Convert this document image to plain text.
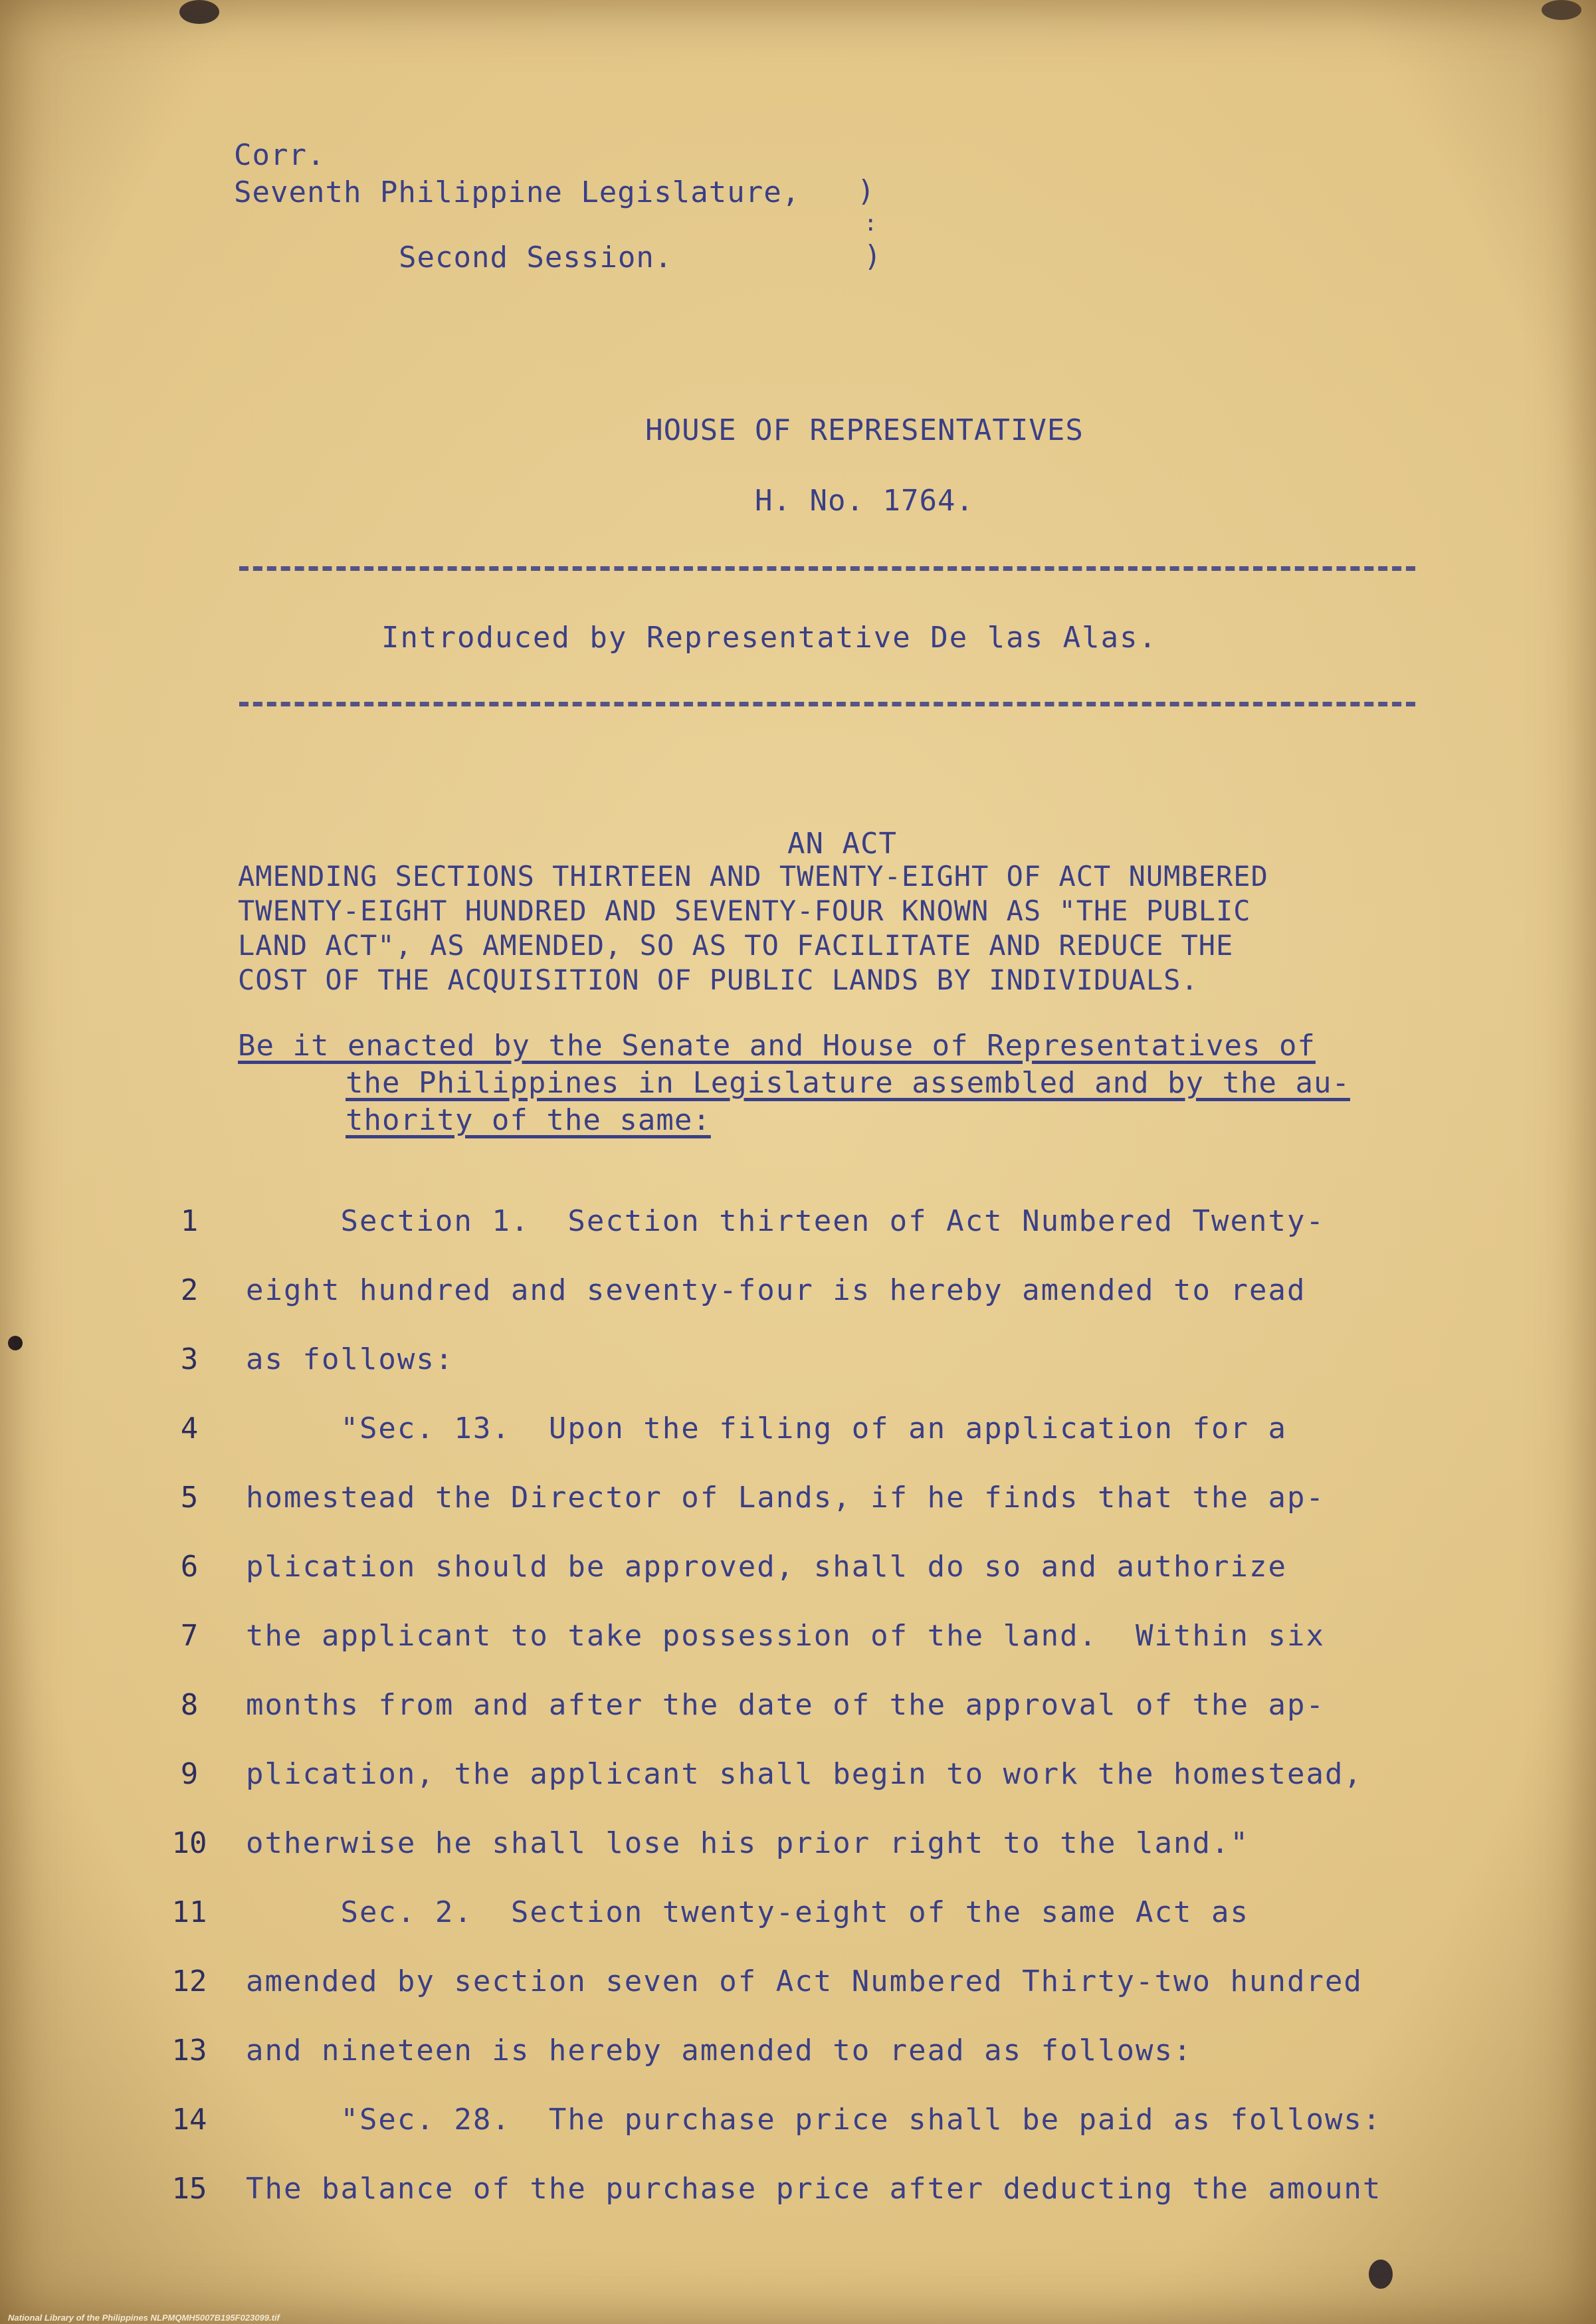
Corr.
Seventh Philippine Legislature, )
:
Second Session.	)
HOUSE OF REPRESENTATIVES
H. No. 1764.
Introduced by Representative De las Alas.
AN ACT
AMENDING SECTIONS THIRTEEN AND TWENTY-EIGHT OF ACT NUMBERED
TWENTY-EIGHT HUNDRED AND SEVENTY-FOUR KNOWN AS "THE PUBLIC
LAND ACT", AS AMENDED, SO AS TO FACILITATE AND REDUCE THE
COST OF THE ACQUISITION OF PUBLIC LANDS BY INDIVIDUALS.
Be it enacted by the Senate and House of Representatives of
the Philippines in Legislature assembled and by the au-
thority of the same:
1	Section 1.  Section thirteen of Act Numbered Twenty-
2	eight hundred and seventy-four is hereby amended to read
3	as follows:
4	"Sec. 13.  Upon the filing of an application for a
5	homestead the Director of Lands, if he finds that the ap-
6	plication should be approved, shall do so and authorize
7	the applicant to take possession of the land.  Within six
8	months from and after the date of the approval of the ap-
9	plication, the applicant shall begin to work the homestead,
10	otherwise he shall lose his prior right to the land."
11	Sec. 2.  Section twenty-eight of the same Act as
12	amended by section seven of Act Numbered Thirty-two hundred
13	and nineteen is hereby amended to read as follows:
14	"Sec. 28.  The purchase price shall be paid as follows:
15	The balance of the purchase price after deducting the amount
National Library of the Philippines NLPMQMH5007B195F023099.tif
